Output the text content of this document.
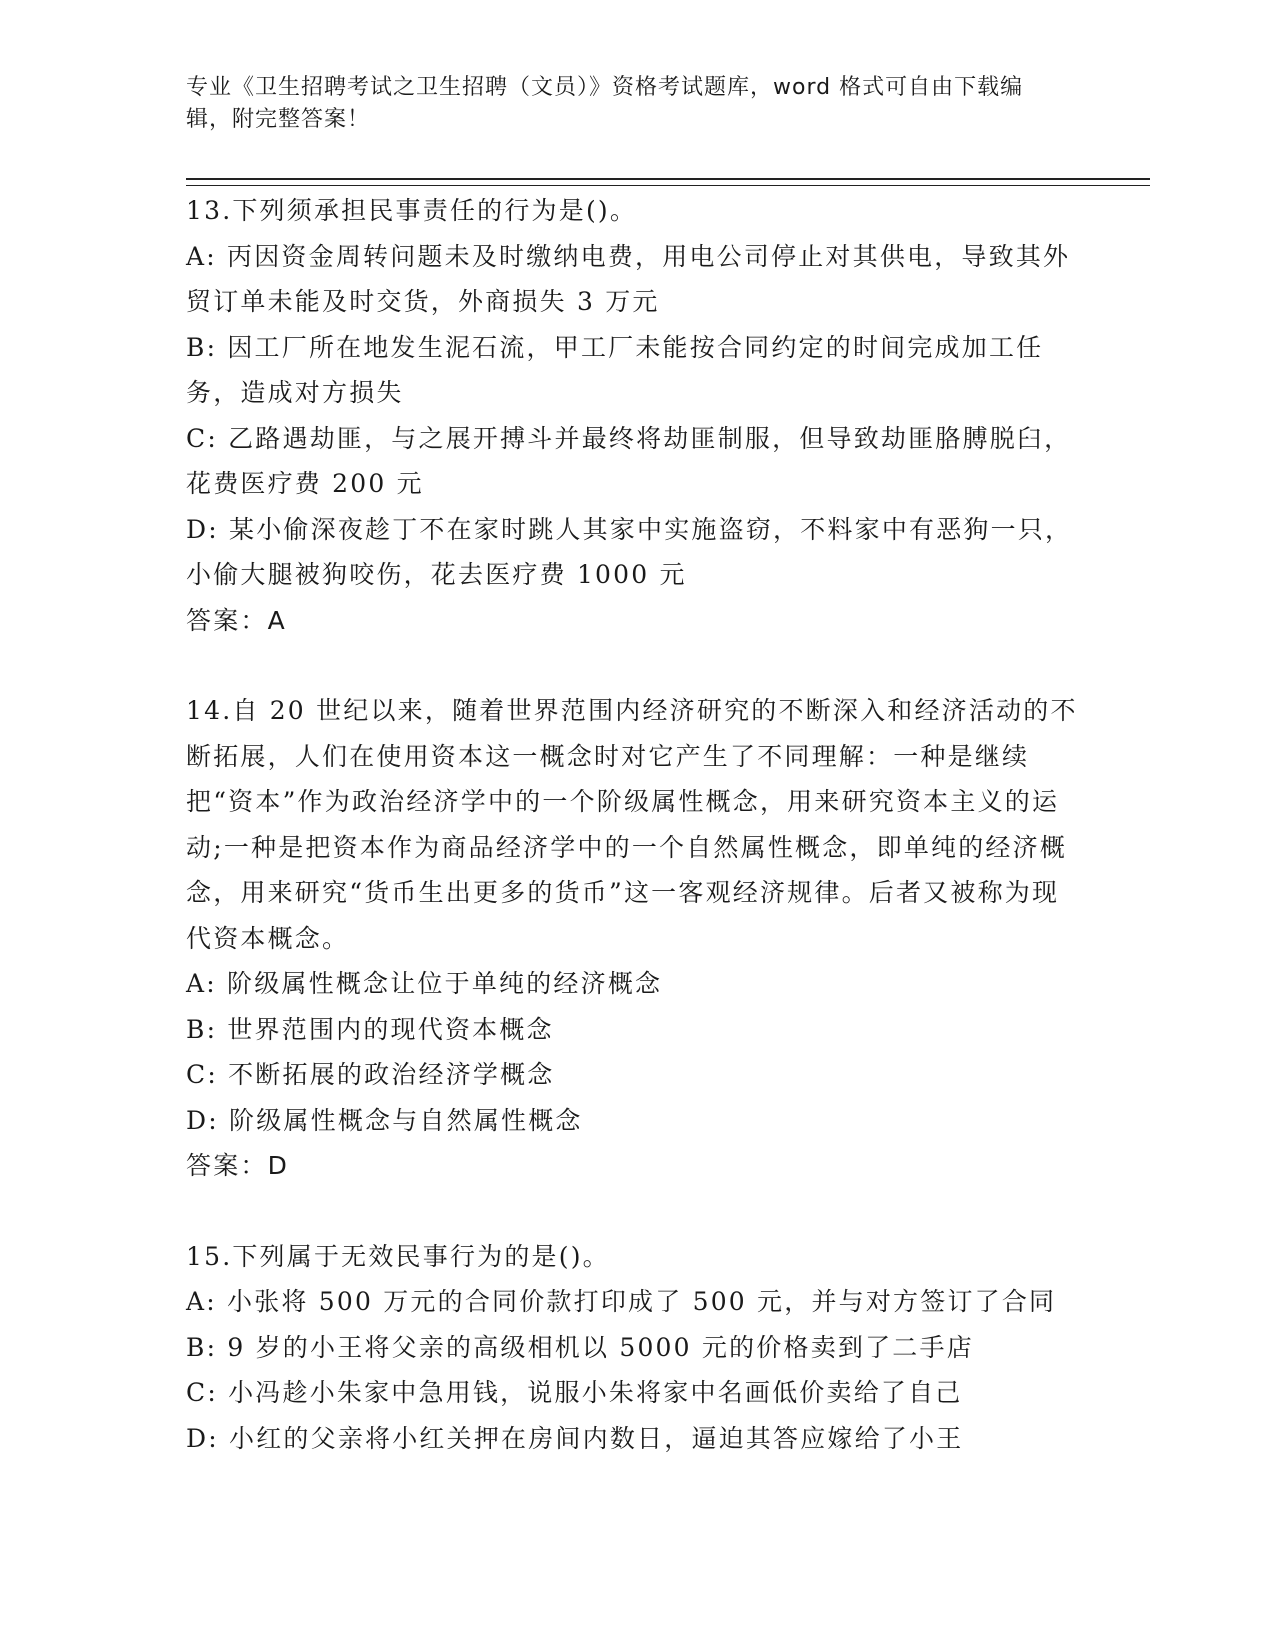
专业《卫生招聘考试之卫生招聘（文员）》资格考试题库，word 格式可自由下载编辑，附完整答案！

13.下列须承担民事责任的行为是()。

A: 丙因资金周转问题未及时缴纳电费，用电公司停止对其供电，导致其外贸订单未能及时交货，外商损失 3 万元

B: 因工厂所在地发生泥石流，甲工厂未能按合同约定的时间完成加工任务，造成对方损失

C: 乙路遇劫匪，与之展开搏斗并最终将劫匪制服，但导致劫匪胳膊脱臼，花费医疗费 200 元

D: 某小偷深夜趁丁不在家时跳人其家中实施盗窃，不料家中有恶狗一只，小偷大腿被狗咬伤，花去医疗费 1000 元

答案：A

14.自 20 世纪以来，随着世界范围内经济研究的不断深入和经济活动的不断拓展，人们在使用资本这一概念时对它产生了不同理解：一种是继续把“资本”作为政治经济学中的一个阶级属性概念，用来研究资本主义的运动;一种是把资本作为商品经济学中的一个自然属性概念，即单纯的经济概念，用来研究“货币生出更多的货币”这一客观经济规律。后者又被称为现代资本概念。

A: 阶级属性概念让位于单纯的经济概念

B: 世界范围内的现代资本概念

C: 不断拓展的政治经济学概念

D: 阶级属性概念与自然属性概念

答案：D

15.下列属于无效民事行为的是()。

A: 小张将 500 万元的合同价款打印成了 500 元，并与对方签订了合同

B: 9 岁的小王将父亲的高级相机以 5000 元的价格卖到了二手店

C: 小冯趁小朱家中急用钱，说服小朱将家中名画低价卖给了自己

D: 小红的父亲将小红关押在房间内数日，逼迫其答应嫁给了小王
